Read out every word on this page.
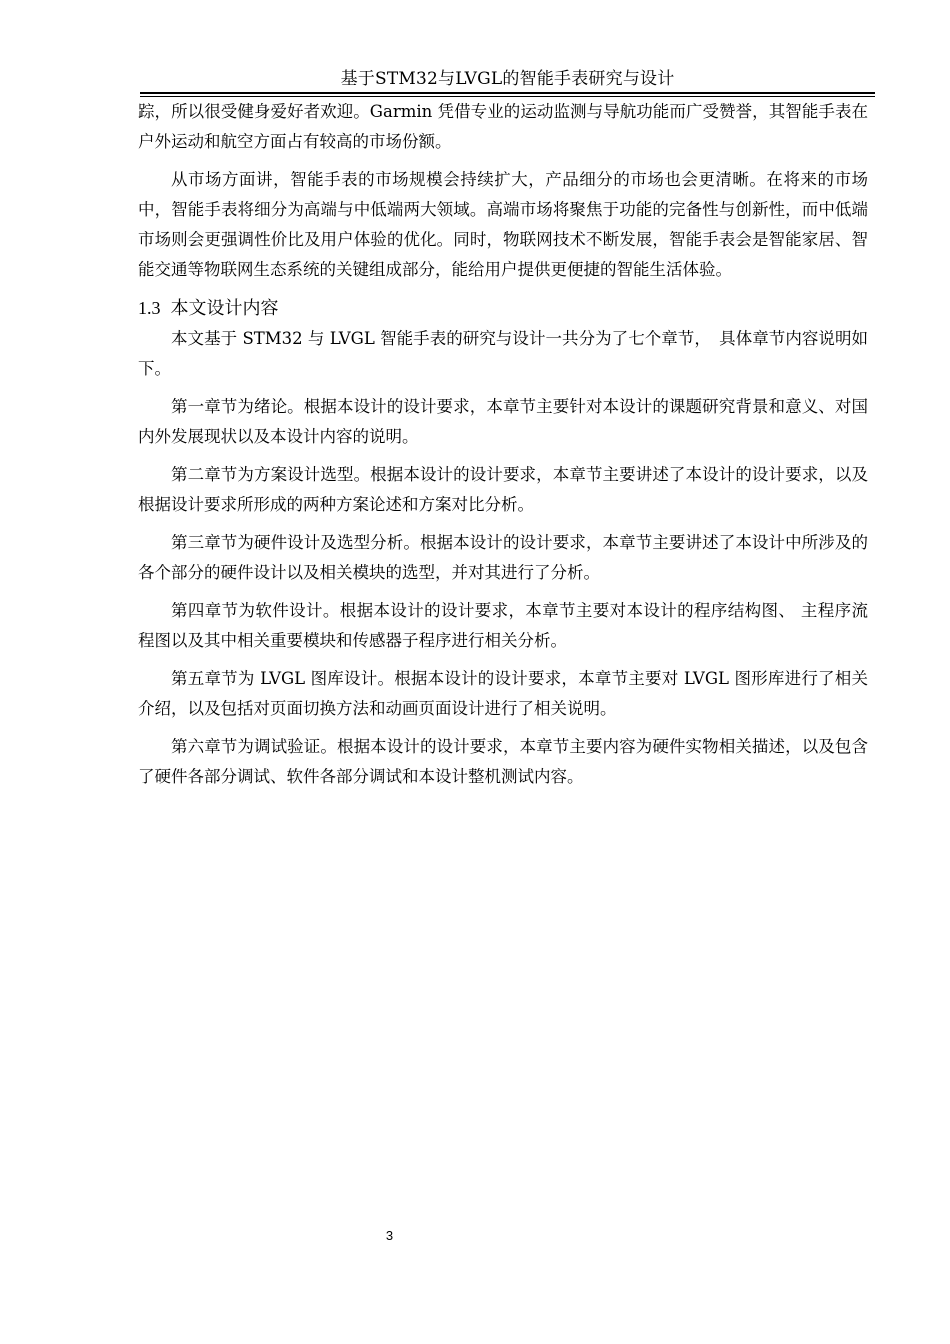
基于STM32与LVGL的智能手表研究与设计

踪，所以很受健身爱好者欢迎。Garmin 凭借专业的运动监测与导航功能而广受赞誉，其智能手表在户外运动和航空方面占有较高的市场份额。

从市场方面讲，智能手表的市场规模会持续扩大，产品细分的市场也会更清晰。在将来的市场中，智能手表将细分为高端与中低端两大领域。高端市场将聚焦于功能的完备性与创新性，而中低端市场则会更强调性价比及用户体验的优化。同时，物联网技术不断发展，智能手表会是智能家居、智能交通等物联网生态系统的关键组成部分，能给用户提供更便捷的智能生活体验。

1.3 本文设计内容

本文基于 STM32 与 LVGL 智能手表的研究与设计一共分为了七个章节，　具体章节内容说明如下。

第一章节为绪论。根据本设计的设计要求，本章节主要针对本设计的课题研究背景和意义、对国内外发展现状以及本设计内容的说明。

第二章节为方案设计选型。根据本设计的设计要求，本章节主要讲述了本设计的设计要求，以及根据设计要求所形成的两种方案论述和方案对比分析。

第三章节为硬件设计及选型分析。根据本设计的设计要求，本章节主要讲述了本设计中所涉及的各个部分的硬件设计以及相关模块的选型，并对其进行了分析。

第四章节为软件设计。根据本设计的设计要求，本章节主要对本设计的程序结构图、 主程序流程图以及其中相关重要模块和传感器子程序进行相关分析。

第五章节为 LVGL 图库设计。根据本设计的设计要求，本章节主要对 LVGL 图形库进行了相关介绍，以及包括对页面切换方法和动画页面设计进行了相关说明。

第六章节为调试验证。根据本设计的设计要求，本章节主要内容为硬件实物相关描述，以及包含了硬件各部分调试、软件各部分调试和本设计整机测试内容。

3
